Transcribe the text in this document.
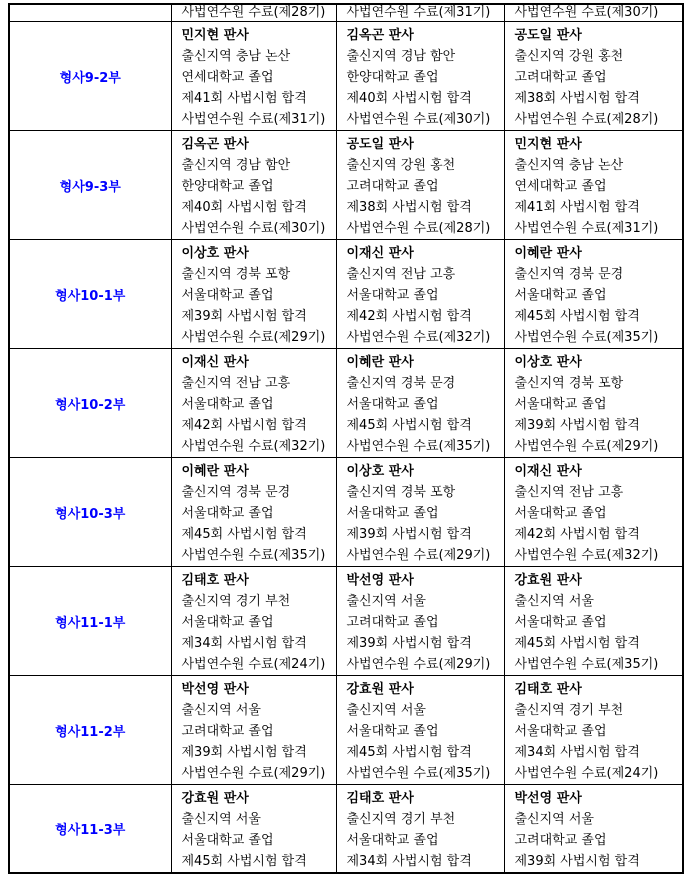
	사법연수원 수료(제28기)	사법연수원 수료(제31기)	사법연수원 수료(제30기)
형사9-2부	
민지현 판사
출신지역 충남 논산
연세대학교 졸업
제41회 사법시험 합격
사법연수원 수료(제31기)

김옥곤 판사
출신지역 경남 함안
한양대학교 졸업
제40회 사법시험 합격
사법연수원 수료(제30기)

공도일 판사
출신지역 강원 홍천
고려대학교 졸업
제38회 사법시험 합격
사법연수원 수료(제28기)

형사9-3부	
김옥곤 판사
출신지역 경남 함안
한양대학교 졸업
제40회 사법시험 합격
사법연수원 수료(제30기)

공도일 판사
출신지역 강원 홍천
고려대학교 졸업
제38회 사법시험 합격
사법연수원 수료(제28기)

민지현 판사
출신지역 충남 논산
연세대학교 졸업
제41회 사법시험 합격
사법연수원 수료(제31기)

형사10-1부	
이상호 판사
출신지역 경북 포항
서울대학교 졸업
제39회 사법시험 합격
사법연수원 수료(제29기)

이재신 판사
출신지역 전남 고흥
서울대학교 졸업
제42회 사법시험 합격
사법연수원 수료(제32기)

이혜란 판사
출신지역 경북 문경
서울대학교 졸업
제45회 사법시험 합격
사법연수원 수료(제35기)

형사10-2부	
이재신 판사
출신지역 전남 고흥
서울대학교 졸업
제42회 사법시험 합격
사법연수원 수료(제32기)

이혜란 판사
출신지역 경북 문경
서울대학교 졸업
제45회 사법시험 합격
사법연수원 수료(제35기)

이상호 판사
출신지역 경북 포항
서울대학교 졸업
제39회 사법시험 합격
사법연수원 수료(제29기)

형사10-3부	
이혜란 판사
출신지역 경북 문경
서울대학교 졸업
제45회 사법시험 합격
사법연수원 수료(제35기)

이상호 판사
출신지역 경북 포항
서울대학교 졸업
제39회 사법시험 합격
사법연수원 수료(제29기)

이재신 판사
출신지역 전남 고흥
서울대학교 졸업
제42회 사법시험 합격
사법연수원 수료(제32기)

형사11-1부	
김태호 판사
출신지역 경기 부천
서울대학교 졸업
제34회 사법시험 합격
사법연수원 수료(제24기)

박선영 판사
출신지역 서울
고려대학교 졸업
제39회 사법시험 합격
사법연수원 수료(제29기)

강효원 판사
출신지역 서울
서울대학교 졸업
제45회 사법시험 합격
사법연수원 수료(제35기)

형사11-2부	
박선영 판사
출신지역 서울
고려대학교 졸업
제39회 사법시험 합격
사법연수원 수료(제29기)

강효원 판사
출신지역 서울
서울대학교 졸업
제45회 사법시험 합격
사법연수원 수료(제35기)

김태호 판사
출신지역 경기 부천
서울대학교 졸업
제34회 사법시험 합격
사법연수원 수료(제24기)

형사11-3부	
강효원 판사
출신지역 서울
서울대학교 졸업
제45회 사법시험 합격

김태호 판사
출신지역 경기 부천
서울대학교 졸업
제34회 사법시험 합격

박선영 판사
출신지역 서울
고려대학교 졸업
제39회 사법시험 합격
